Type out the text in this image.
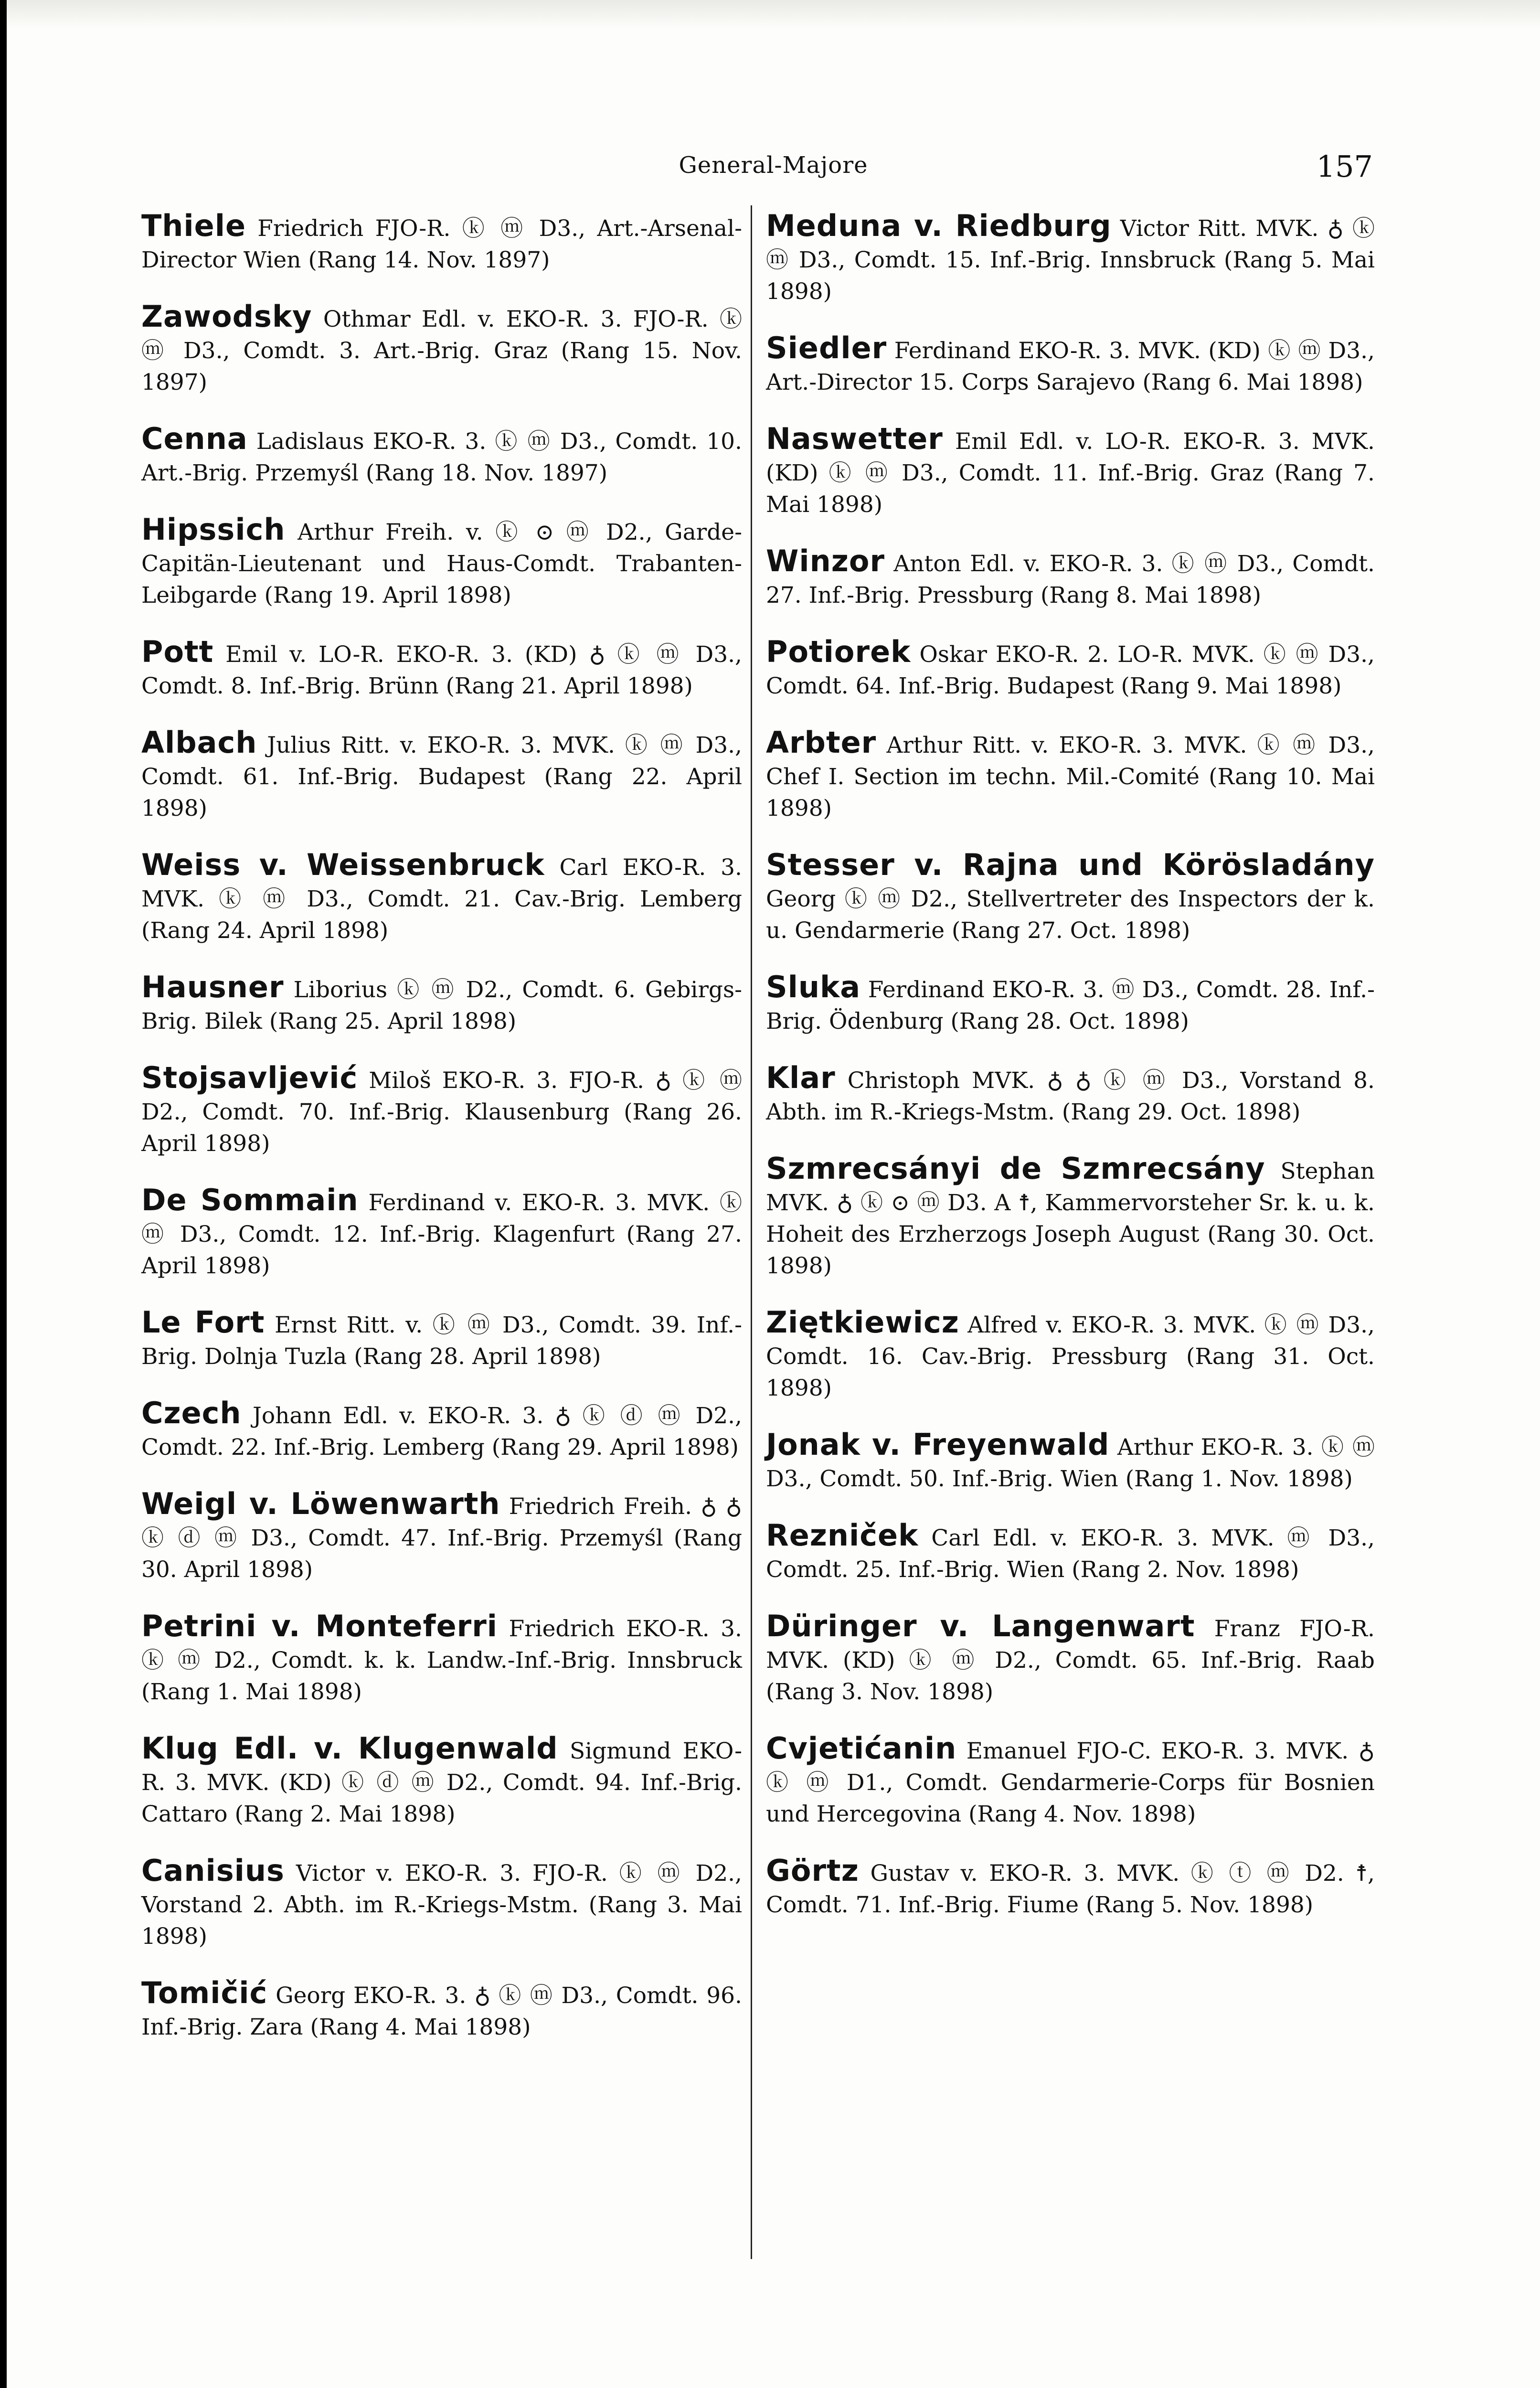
General-Majore	157

Thiele Friedrich FJO-R. ⓚ ⓜ D3., Art.-Arsenal-Director Wien (Rang 14. Nov. 1897)

Zawodsky Othmar Edl. v. EKO-R. 3. FJO-R. ⓚ ⓜ D3., Comdt. 3. Art.-Brig. Graz (Rang 15. Nov. 1897)

Cenna Ladislaus EKO-R. 3. ⓚ ⓜ D3., Comdt. 10. Art.-Brig. Przemyśl (Rang 18. Nov. 1897)

Hipssich Arthur Freih. v. ⓚ ⊙ ⓜ D2., Garde-Capitän-Lieutenant und Haus-Comdt. Trabanten-Leibgarde (Rang 19. April 1898)

Pott Emil v. LO-R. EKO-R. 3. (KD) ♁ ⓚ ⓜ D3., Comdt. 8. Inf.-Brig. Brünn (Rang 21. April 1898)

Albach Julius Ritt. v. EKO-R. 3. MVK. ⓚ ⓜ D3., Comdt. 61. Inf.-Brig. Budapest (Rang 22. April 1898)

Weiss v. Weissenbruck Carl EKO-R. 3. MVK. ⓚ ⓜ D3., Comdt. 21. Cav.-Brig. Lemberg (Rang 24. April 1898)

Hausner Liborius ⓚ ⓜ D2., Comdt. 6. Gebirgs-Brig. Bilek (Rang 25. April 1898)

Stojsavljević Miloš EKO-R. 3. FJO-R. ♁ ⓚ ⓜ D2., Comdt. 70. Inf.-Brig. Klausenburg (Rang 26. April 1898)

De Sommain Ferdinand v. EKO-R. 3. MVK. ⓚ ⓜ D3., Comdt. 12. Inf.-Brig. Klagenfurt (Rang 27. April 1898)

Le Fort Ernst Ritt. v. ⓚ ⓜ D3., Comdt. 39. Inf.-Brig. Dolnja Tuzla (Rang 28. April 1898)

Czech Johann Edl. v. EKO-R. 3. ♁ ⓚ ⓓ ⓜ D2., Comdt. 22. Inf.-Brig. Lemberg (Rang 29. April 1898)

Weigl v. Löwenwarth Friedrich Freih. ♁ ♁ ⓚ ⓓ ⓜ D3., Comdt. 47. Inf.-Brig. Przemyśl (Rang 30. April 1898)

Petrini v. Monteferri Friedrich EKO-R. 3. ⓚ ⓜ D2., Comdt. k. k. Landw.-Inf.-Brig. Innsbruck (Rang 1. Mai 1898)

Klug Edl. v. Klugenwald Sigmund EKO-R. 3. MVK. (KD) ⓚ ⓓ ⓜ D2., Comdt. 94. Inf.-Brig. Cattaro (Rang 2. Mai 1898)

Canisius Victor v. EKO-R. 3. FJO-R. ⓚ ⓜ D2., Vorstand 2. Abth. im R.-Kriegs-Mstm. (Rang 3. Mai 1898)

Tomičić Georg EKO-R. 3. ♁ ⓚ ⓜ D3., Comdt. 96. Inf.-Brig. Zara (Rang 4. Mai 1898)

Meduna v. Riedburg Victor Ritt. MVK. ♁ ⓚ ⓜ D3., Comdt. 15. Inf.-Brig. Innsbruck (Rang 5. Mai 1898)

Siedler Ferdinand EKO-R. 3. MVK. (KD) ⓚ ⓜ D3., Art.-Director 15. Corps Sarajevo (Rang 6. Mai 1898)

Naswetter Emil Edl. v. LO-R. EKO-R. 3. MVK. (KD) ⓚ ⓜ D3., Comdt. 11. Inf.-Brig. Graz (Rang 7. Mai 1898)

Winzor Anton Edl. v. EKO-R. 3. ⓚ ⓜ D3., Comdt. 27. Inf.-Brig. Pressburg (Rang 8. Mai 1898)

Potiorek Oskar EKO-R. 2. LO-R. MVK. ⓚ ⓜ D3., Comdt. 64. Inf.-Brig. Budapest (Rang 9. Mai 1898)

Arbter Arthur Ritt. v. EKO-R. 3. MVK. ⓚ ⓜ D3., Chef I. Section im techn. Mil.-Comité (Rang 10. Mai 1898)

Stesser v. Rajna und Körösladány Georg ⓚ ⓜ D2., Stellvertreter des Inspectors der k. u. Gendarmerie (Rang 27. Oct. 1898)

Sluka Ferdinand EKO-R. 3. ⓜ D3., Comdt. 28. Inf.-Brig. Ödenburg (Rang 28. Oct. 1898)

Klar Christoph MVK. ♁ ♁ ⓚ ⓜ D3., Vorstand 8. Abth. im R.-Kriegs-Mstm. (Rang 29. Oct. 1898)

Szmrecsányi de Szmrecsány Stephan MVK. ♁ ⓚ ⊙ ⓜ D3. A ☨, Kammervorsteher Sr. k. u. k. Hoheit des Erzherzogs Joseph August (Rang 30. Oct. 1898)

Ziętkiewicz Alfred v. EKO-R. 3. MVK. ⓚ ⓜ D3., Comdt. 16. Cav.-Brig. Pressburg (Rang 31. Oct. 1898)

Jonak v. Freyenwald Arthur EKO-R. 3. ⓚ ⓜ D3., Comdt. 50. Inf.-Brig. Wien (Rang 1. Nov. 1898)

Rezniček Carl Edl. v. EKO-R. 3. MVK. ⓜ D3., Comdt. 25. Inf.-Brig. Wien (Rang 2. Nov. 1898)

Düringer v. Langenwart Franz FJO-R. MVK. (KD) ⓚ ⓜ D2., Comdt. 65. Inf.-Brig. Raab (Rang 3. Nov. 1898)

Cvjetićanin Emanuel FJO-C. EKO-R. 3. MVK. ♁ ⓚ ⓜ D1., Comdt. Gendarmerie-Corps für Bosnien und Hercegovina (Rang 4. Nov. 1898)

Görtz Gustav v. EKO-R. 3. MVK. ⓚ ⓣ ⓜ D2. ☨, Comdt. 71. Inf.-Brig. Fiume (Rang 5. Nov. 1898)
